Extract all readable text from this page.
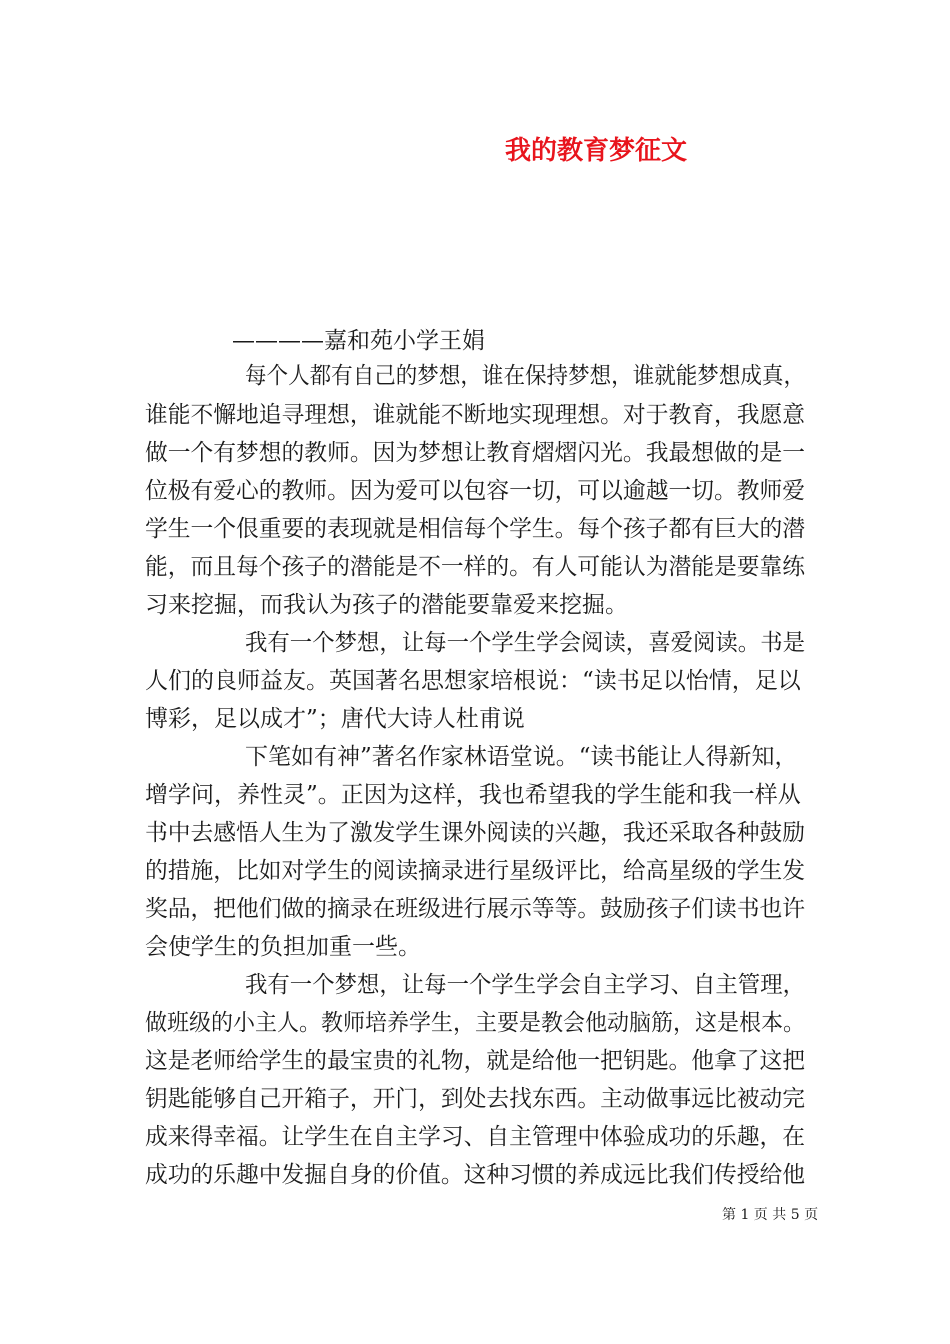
我的教育梦征文
————嘉和苑小学王娟
每个人都有自己的梦想，谁在保持梦想，谁就能梦想成真，
谁能不懈地追寻理想，谁就能不断地实现理想。对于教育，我愿意
做一个有梦想的教师。因为梦想让教育熠熠闪光。我最想做的是一
位极有爱心的教师。因为爱可以包容一切，可以逾越一切。教师爱
学生一个佷重要的表现就是相信每个学生。每个孩子都有巨大的潜
能，而且每个孩子的潜能是不一样的。有人可能认为潜能是要靠练
习来挖掘，而我认为孩子的潜能要靠爱来挖掘。
我有一个梦想，让每一个学生学会阅读，喜爱阅读。书是
人们的良师益友。英国著名思想家培根说：“读书足以怡情，足以
博彩，足以成才”；唐代大诗人杜甫说
下笔如有神”著名作家林语堂说。“读书能让人得新知，
增学问，养性灵”。正因为这样，我也希望我的学生能和我一样从
书中去感悟人生为了激发学生课外阅读的兴趣，我还采取各种鼓励
的措施，比如对学生的阅读摘录进行星级评比，给高星级的学生发
奖品，把他们做的摘录在班级进行展示等等。鼓励孩子们读书也许
会使学生的负担加重一些。
我有一个梦想，让每一个学生学会自主学习、自主管理，
做班级的小主人。教师培养学生，主要是教会他动脑筋，这是根本。
这是老师给学生的最宝贵的礼物，就是给他一把钥匙。他拿了这把
钥匙能够自己开箱子，开门，到处去找东西。主动做事远比被动完
成来得幸福。让学生在自主学习、自主管理中体验成功的乐趣，在
成功的乐趣中发掘自身的价值。这种习惯的养成远比我们传授给他
第 1 页 共 5 页
